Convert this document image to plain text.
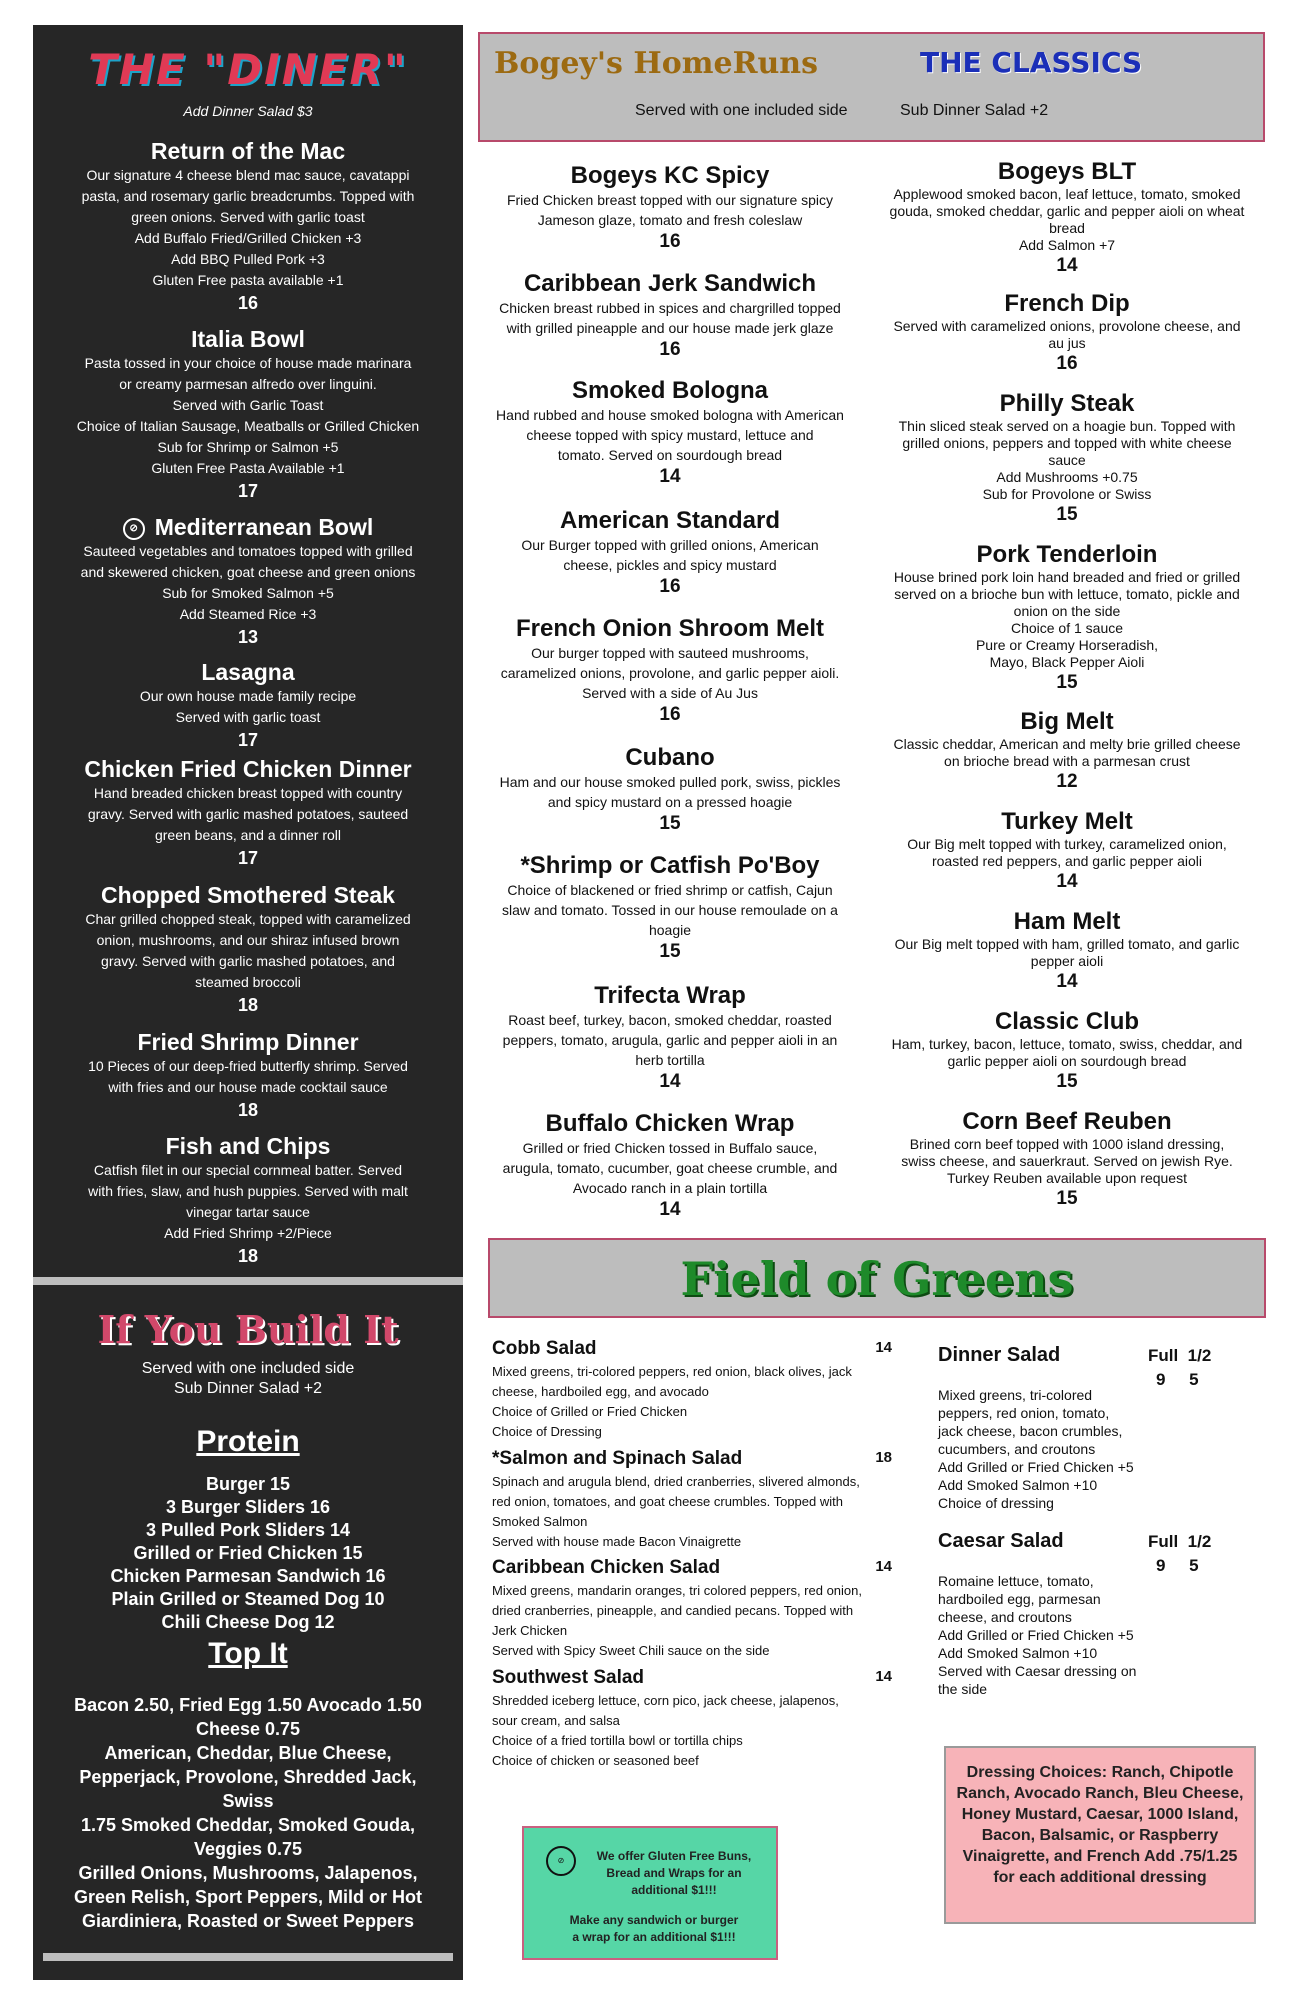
THE "DINER"
Add Dinner Salad $3
Return of the Mac
Our signature 4 cheese blend mac sauce, cavatappi
pasta, and rosemary garlic breadcrumbs. Topped with
green onions. Served with garlic toast
Add Buffalo Fried/Grilled Chicken +3
Add BBQ Pulled Pork +3
Gluten Free pasta available +1
16
Italia Bowl
Pasta tossed in your choice of house made marinara
or creamy parmesan alfredo over linguini.
Served with Garlic Toast
Choice of Italian Sausage, Meatballs or Grilled Chicken
Sub for Shrimp or Salmon +5
Gluten Free Pasta Available +1
17
⊘ Mediterranean Bowl
Sauteed vegetables and tomatoes topped with grilled
and skewered chicken, goat cheese and green onions
Sub for Smoked Salmon +5
Add Steamed Rice +3
13
Lasagna
Our own house made family recipe
Served with garlic toast
17
Chicken Fried Chicken Dinner
Hand breaded chicken breast topped with country
gravy. Served with garlic mashed potatoes, sauteed
green beans, and a dinner roll
17
Chopped Smothered Steak
Char grilled chopped steak, topped with caramelized
onion, mushrooms, and our shiraz infused brown
gravy. Served with garlic mashed potatoes, and
steamed broccoli
18
Fried Shrimp Dinner
10 Pieces of our deep-fried butterfly shrimp. Served
with fries and our house made cocktail sauce
18
Fish and Chips
Catfish filet in our special cornmeal batter. Served
with fries, slaw, and hush puppies. Served with malt
vinegar tartar sauce
Add Fried Shrimp +2/Piece
18
If You Build It
Served with one included side
Sub Dinner Salad +2
Protein
Burger 15
3 Burger Sliders 16
3 Pulled Pork Sliders 14
Grilled or Fried Chicken 15
Chicken Parmesan Sandwich 16
Plain Grilled or Steamed Dog 10
Chili Cheese Dog 12
Top It
Bacon 2.50, Fried Egg 1.50 Avocado 1.50
Cheese 0.75
American, Cheddar, Blue Cheese,
Pepperjack, Provolone, Shredded Jack,
Swiss
1.75 Smoked Cheddar, Smoked Gouda,
Veggies 0.75
Grilled Onions, Mushrooms, Jalapenos,
Green Relish, Sport Peppers, Mild or Hot
Giardiniera, Roasted or Sweet Peppers
Bogey's HomeRuns	THE CLASSICS
Served with one included side	Sub Dinner Salad +2
Bogeys KC Spicy
Fried Chicken breast topped with our signature spicy
Jameson glaze, tomato and fresh coleslaw
16
Caribbean Jerk Sandwich
Chicken breast rubbed in spices and chargrilled topped
with grilled pineapple and our house made jerk glaze
16
Smoked Bologna
Hand rubbed and house smoked bologna with American
cheese topped with spicy mustard, lettuce and
tomato. Served on sourdough bread
14
American Standard
Our Burger topped with grilled onions, American
cheese, pickles and spicy mustard
16
French Onion Shroom Melt
Our burger topped with sauteed mushrooms,
caramelized onions, provolone, and garlic pepper aioli.
Served with a side of Au Jus
16
Cubano
Ham and our house smoked pulled pork, swiss, pickles
and spicy mustard on a pressed hoagie
15
*Shrimp or Catfish Po'Boy
Choice of blackened or fried shrimp or catfish, Cajun
slaw and tomato. Tossed in our house remoulade on a
hoagie
15
Trifecta Wrap
Roast beef, turkey, bacon, smoked cheddar, roasted
peppers, tomato, arugula, garlic and pepper aioli in an
herb tortilla
14
Buffalo Chicken Wrap
Grilled or fried Chicken tossed in Buffalo sauce,
arugula, tomato, cucumber, goat cheese crumble, and
Avocado ranch in a plain tortilla
14
Bogeys BLT
Applewood smoked bacon, leaf lettuce, tomato, smoked
gouda, smoked cheddar, garlic and pepper aioli on wheat
bread
Add Salmon +7
14
French Dip
Served with caramelized onions, provolone cheese, and
au jus
16
Philly Steak
Thin sliced steak served on a hoagie bun. Topped with
grilled onions, peppers and topped with white cheese
sauce
Add Mushrooms +0.75
Sub for Provolone or Swiss
15
Pork Tenderloin
House brined pork loin hand breaded and fried or grilled
served on a brioche bun with lettuce, tomato, pickle and
onion on the side
Choice of 1 sauce
Pure or Creamy Horseradish,
Mayo, Black Pepper Aioli
15
Big Melt
Classic cheddar, American and melty brie grilled cheese
on brioche bread with a parmesan crust
12
Turkey Melt
Our Big melt topped with turkey, caramelized onion,
roasted red peppers, and garlic pepper aioli
14
Ham Melt
Our Big melt topped with ham, grilled tomato, and garlic
pepper aioli
14
Classic Club
Ham, turkey, bacon, lettuce, tomato, swiss, cheddar, and
garlic pepper aioli on sourdough bread
15
Corn Beef Reuben
Brined corn beef topped with 1000 island dressing,
swiss cheese, and sauerkraut. Served on jewish Rye.
Turkey Reuben available upon request
15
Field of Greens
Cobb Salad	14
Mixed greens, tri-colored peppers, red onion, black olives, jack
cheese, hardboiled egg, and avocado
Choice of Grilled or Fried Chicken
Choice of Dressing
*Salmon and Spinach Salad	18
Spinach and arugula blend, dried cranberries, slivered almonds,
red onion, tomatoes, and goat cheese crumbles. Topped with
Smoked Salmon
Served with house made Bacon Vinaigrette
Caribbean Chicken Salad	14
Mixed greens, mandarin oranges, tri colored peppers, red onion,
dried cranberries, pineapple, and candied pecans. Topped with
Jerk Chicken
Served with Spicy Sweet Chili sauce on the side
Southwest Salad	14
Shredded iceberg lettuce, corn pico, jack cheese, jalapenos,
sour cream, and salsa
Choice of a fried tortilla bowl or tortilla chips
Choice of chicken or seasoned beef
Dinner Salad
Mixed greens, tri-colored
peppers, red onion, tomato,
jack cheese, bacon crumbles,
cucumbers, and croutons
Add Grilled or Fried Chicken +5
Add Smoked Salmon +10
Choice of dressing
Full  1/2
9     5
Caesar Salad
Romaine lettuce, tomato,
hardboiled egg, parmesan
cheese, and croutons
Add Grilled or Fried Chicken +5
Add Smoked Salmon +10
Served with Caesar dressing on
the side
Full  1/2
9     5
⊘	We offer Gluten Free Buns,
Bread and Wraps for an
additional $1!!!
Make any sandwich or burger
a wrap for an additional $1!!!
Dressing Choices: Ranch, Chipotle Ranch, Avocado Ranch, Bleu Cheese, Honey Mustard, Caesar, 1000 Island, Bacon, Balsamic, or Raspberry Vinaigrette, and French Add .75/1.25 for each additional dressing
